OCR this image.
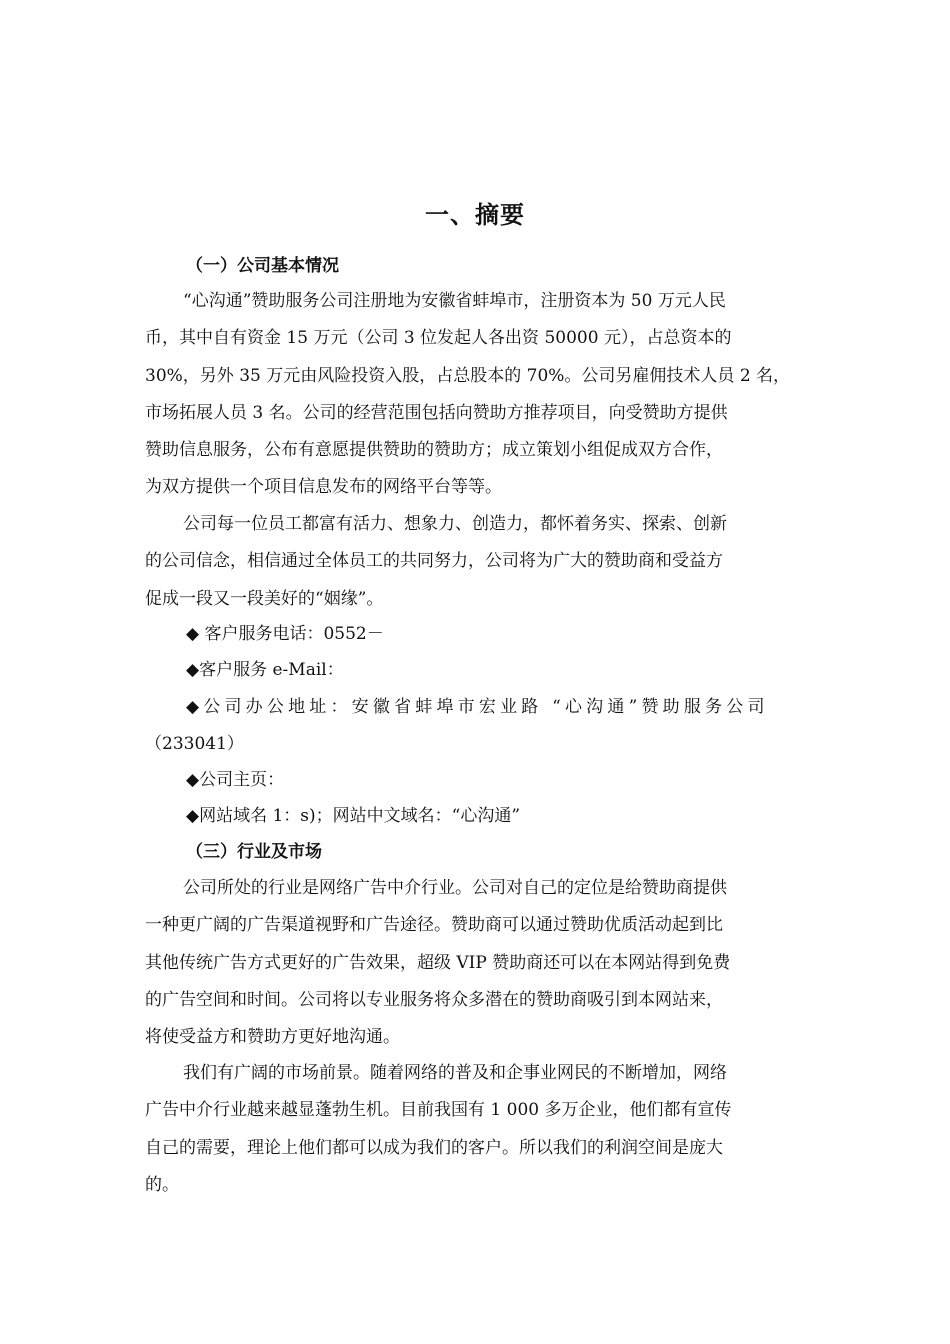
一、摘要
（一）公司基本情况
“心沟通”赞助服务公司注册地为安徽省蚌埠市，注册资本为 50 万元人民
币，其中自有资金 15 万元（公司 3 位发起人各出资 50000 元），占总资本的
30%，另外 35 万元由风险投资入股，占总股本的 70%。公司另雇佣技术人员 2 名，
市场拓展人员 3 名。公司的经营范围包括向赞助方推荐项目，向受赞助方提供
赞助信息服务，公布有意愿提供赞助的赞助方；成立策划小组促成双方合作，
为双方提供一个项目信息发布的网络平台等等。
公司每一位员工都富有活力、想象力、创造力，都怀着务实、探索、创新
的公司信念，相信通过全体员工的共同努力，公司将为广大的赞助商和受益方
促成一段又一段美好的“姻缘”。
◆ 客户服务电话：0552－
◆客户服务 e-Mail：
◆公司办公地址：安徽省蚌埠市宏业路 “心沟通”赞助服务公司
（233041）
◆公司主页：
◆网站域名 1：s)；网站中文域名：“心沟通”
（三）行业及市场
公司所处的行业是网络广告中介行业。公司对自己的定位是给赞助商提供
一种更广阔的广告渠道视野和广告途径。赞助商可以通过赞助优质活动起到比
其他传统广告方式更好的广告效果，超级 VIP 赞助商还可以在本网站得到免费
的广告空间和时间。公司将以专业服务将众多潜在的赞助商吸引到本网站来，
将使受益方和赞助方更好地沟通。
我们有广阔的市场前景。随着网络的普及和企事业网民的不断增加，网络
广告中介行业越来越显蓬勃生机。目前我国有 1 000 多万企业，他们都有宣传
自己的需要，理论上他们都可以成为我们的客户。所以我们的利润空间是庞大
的。
